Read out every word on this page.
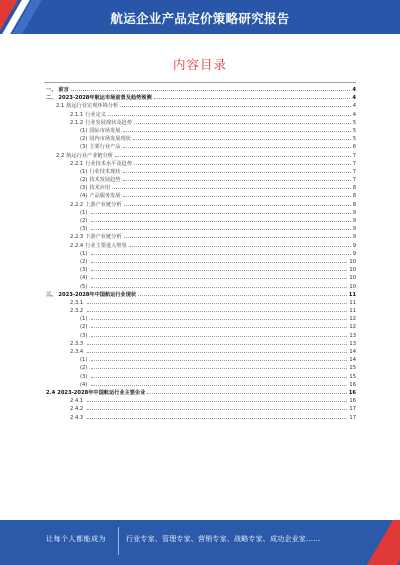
航运企业产品定价策略研究报告
内容目录
一、 前言	4
二、 2023-2028年航运市场前景及趋势预测	4
2.1 航运行业宏观环境分析	4
2.1.1 行业定义	4
2.1.2 行业发展现状及趋势	5
(1) 国际市场发展	5
(2) 国内市场发展现状	5
(3) 主要行业产品	6
2.2 航运行业产业链分析	7
2.2.1 行业技术水平及趋势	7
(1) 行业技术现状	7
(2) 技术发展趋势	7
(3) 技术应用	8
(4) 产品服务发展	8
2.2.2 上游产业链分析	8
(1)	9
(2)	9
(3)	9
2.2.3 下游产业链分析	9
2.2.4 行业主要进入壁垒	9
(1)	9
(2)	10
(3)	10
(4)	10
(5)	10
三、 2023-2028年中国航运行业现状	11
2.3.1	11
2.3.2	11
(1)	12
(2)	12
(3)	13
2.3.3	13
2.3.4	14
(1)	14
(2)	15
(3)	15
(4)	16
2.4 2023-2028年中国航运行业主要企业	16
2.4.1	16
2.4.2	17
2.4.3	17
让每个人都能成为	行业专家、管理专家、营销专家、战略专家、成功企业家……
